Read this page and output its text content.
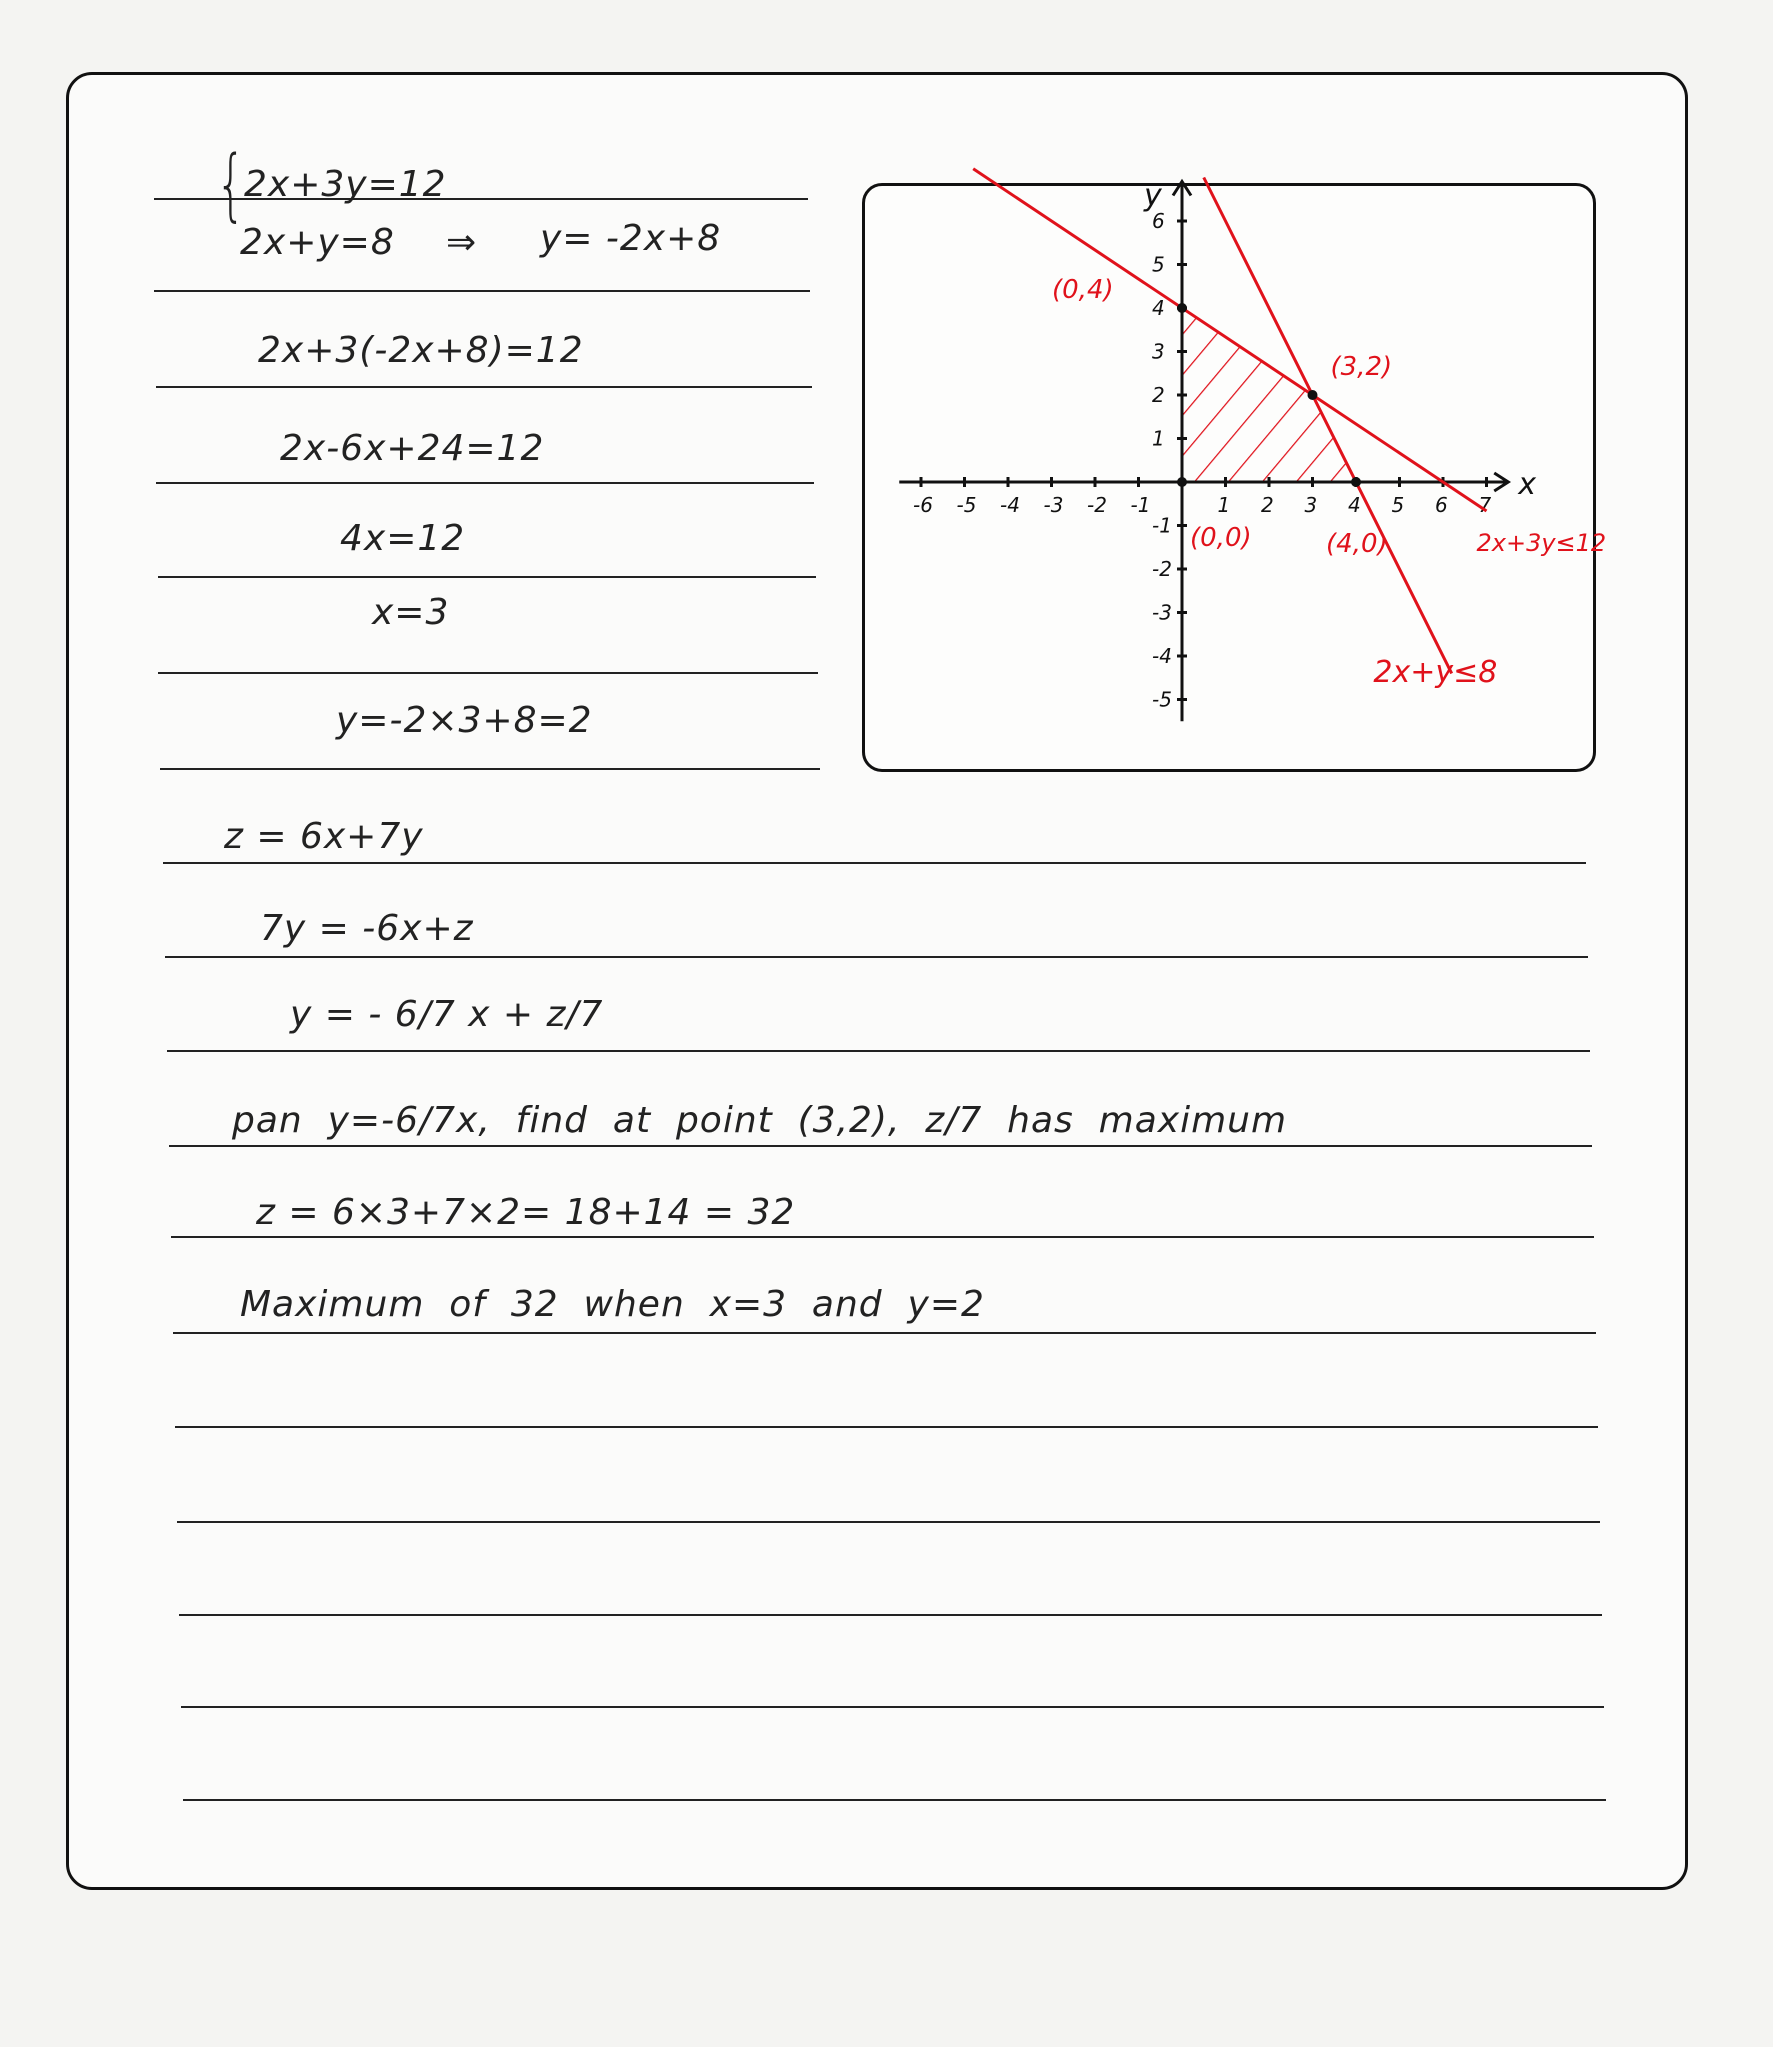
{
2x+3y=12
2x+y=8 ⇒ y= -2x+8
2x+3(-2x+8)=12
2x-6x+24=12
4x=12
x=3
y=-2×3+8=2
z = 6x+7y
7y = -6x+z
y = - 6/7 x + z/7
pan  y=-6/7x,  find  at  point  (3,2),  z/7  has  maximum
z = 6×3+7×2= 18+14 = 32
Maximum  of  32  when  x=3  and  y=2
x
y
-6 -5 -4 -3 -2 -1	1 2 3 4 5 6 7
-5
-4
-3
-2
-1
1
2
3
4
5
6
2x+3y≤12
2x+y≤8
(0,4)
(3,2)
(0,0)	(4,0)
